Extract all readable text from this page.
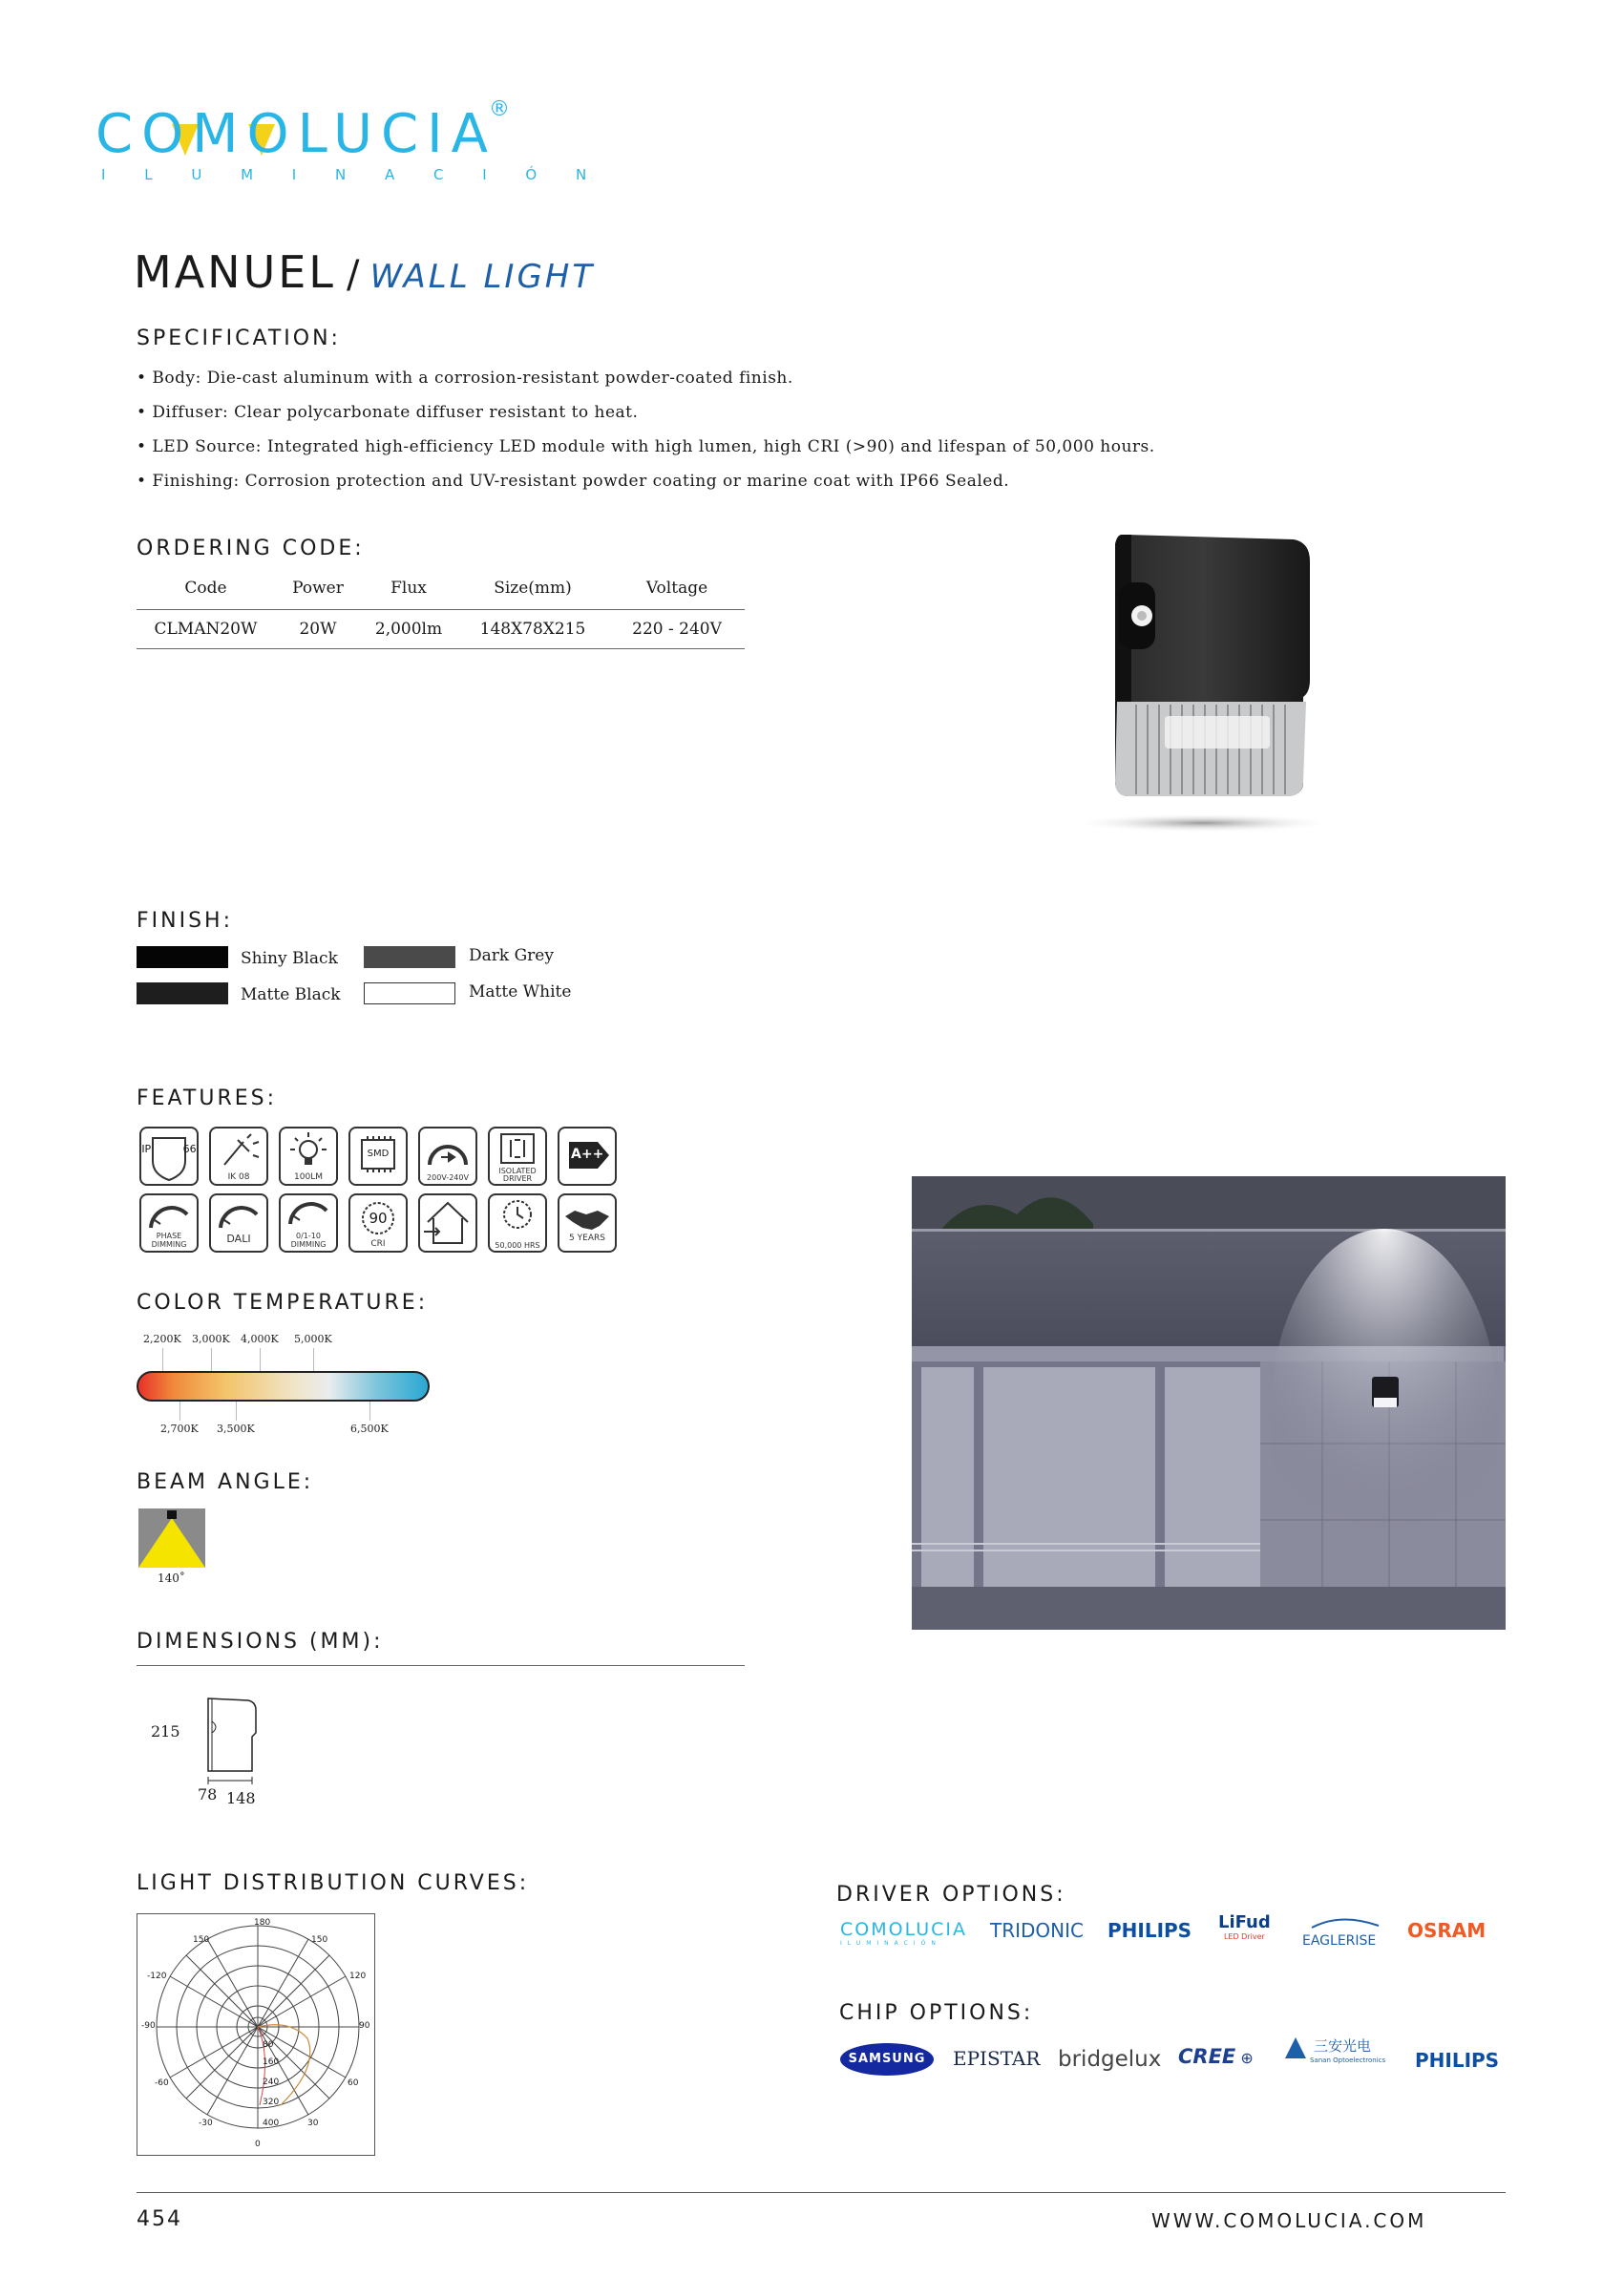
COMOLUCIA
®
I L U M I N A C I Ó N
MANUEL / WALL LIGHT
SPECIFICATION:
• Body: Die-cast aluminum with a corrosion-resistant powder-coated finish.
• Diffuser: Clear polycarbonate diffuser resistant to heat.
• LED Source: Integrated high-efficiency LED module with high lumen, high CRI (>90) and lifespan of 50,000 hours.
• Finishing: Corrosion protection and UV-resistant powder coating or marine coat with IP66 Sealed.
ORDERING CODE:
Code	Power	Flux	Size(mm)	Voltage
CLMAN20W	20W	2,000lm	148X78X215	220 - 240V
FINISH:
Shiny Black
Matte Black
Dark Grey
Matte White
FEATURES:
IP 66
IK 08	100LM
SMD
200V-240V
ISOLATED DRIVER
A++
PHASE DIMMING	DALI	0/1-10 DIMMING
90
CRI	50,000 HRS
5 YEARS
COLOR TEMPERATURE:
2,200K 3,000K 4,000K 5,000K
2,700K 3,500K	6,500K
BEAM ANGLE:
140˚
DIMENSIONS (MM):
215
78 148
LIGHT DISTRIBUTION CURVES:
180
150	150
-120	120
-90	90
-60	60
-30	30
0
80
160
240
320
400
DRIVER OPTIONS:
COMOLUCIA
ILUMINACIÓN
TRIDONIC PHILIPS LiFud
LED Driver	EAGLERISE	OSRAM
CHIP OPTIONS:
SAMSUNG	EPISTAR bridgelux CREE ⊕
三安光电
Sanan Optoelectronics PHILIPS
454	WWW.COMOLUCIA.COM
